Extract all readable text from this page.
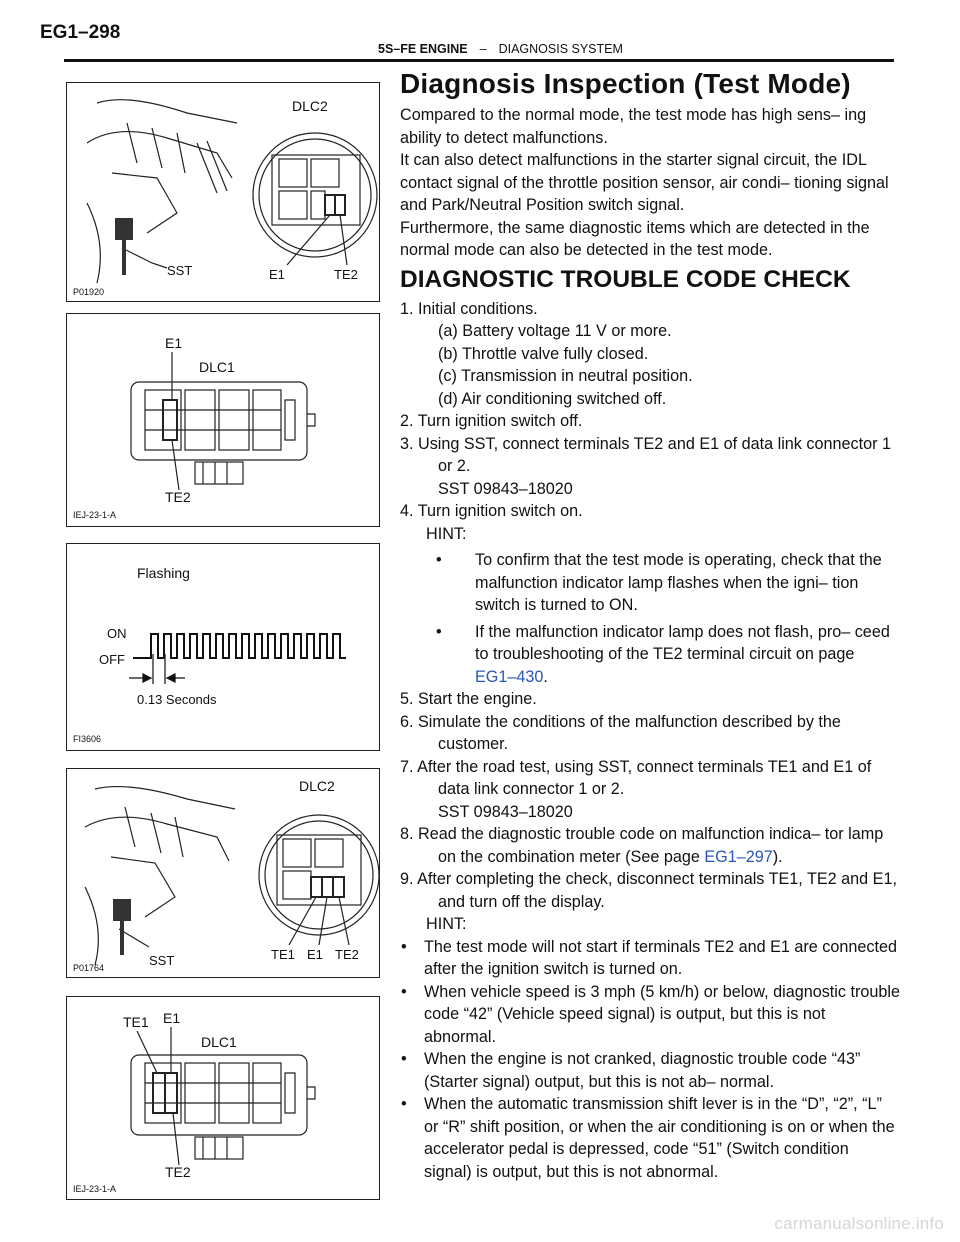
EG1–298
5S–FE ENGINE – DIAGNOSIS SYSTEM
DLC2
SST	E1	TE2
P01920
E1
DLC1
TE2
IEJ-23-1-A
Flashing
ON
OFF
0.13 Seconds
FI3606
DLC2
SST	TE1 E1 TE2
P01764
TE1 E1
DLC1
TE2
IEJ-23-1-A
Diagnosis Inspection (Test Mode)

Compared to the normal mode, the test mode has high sens– ing ability to detect malfunctions.

It can also detect malfunctions in the starter signal circuit, the IDL contact signal of the throttle position sensor, air condi– tioning signal and Park/Neutral Position switch signal.

Furthermore, the same diagnostic items which are detected in the normal mode can also be detected in the test mode.

DIAGNOSTIC TROUBLE CODE CHECK

1. Initial conditions.

(a) Battery voltage 11 V or more.

(b) Throttle valve fully closed.

(c) Transmission in neutral position.

(d) Air conditioning switched off.

2. Turn ignition switch off.

3. Using SST, connect terminals TE2 and E1 of data link connector 1 or 2.

SST 09843–18020

4. Turn ignition switch on.

HINT:

• To confirm that the test mode is operating, check that the malfunction indicator lamp flashes when the igni– tion switch is turned to ON.

• If the malfunction indicator lamp does not flash, pro– ceed to troubleshooting of the TE2 terminal circuit on page EG1–430.

5. Start the engine.

6. Simulate the conditions of the malfunction described by the customer.

7. After the road test, using SST, connect terminals TE1 and E1 of data link connector 1 or 2.

SST 09843–18020

8. Read the diagnostic trouble code on malfunction indica– tor lamp on the combination meter (See page EG1–297).

9. After completing the check, disconnect terminals TE1, TE2 and E1, and turn off the display.

HINT:

• The test mode will not start if terminals TE2 and E1 are connected after the ignition switch is turned on.

• When vehicle speed is 3 mph (5 km/h) or below, diagnostic trouble code “42” (Vehicle speed signal) is output, but this is not abnormal.

• When the engine is not cranked, diagnostic trouble code “43” (Starter signal) output, but this is not ab– normal.

• When the automatic transmission shift lever is in the “D”, “2”, “L” or “R” shift position, or when the air conditioning is on or when the accelerator pedal is depressed, code “51” (Switch condition signal) is output, but this is not abnormal.

carmanualsonline.info
